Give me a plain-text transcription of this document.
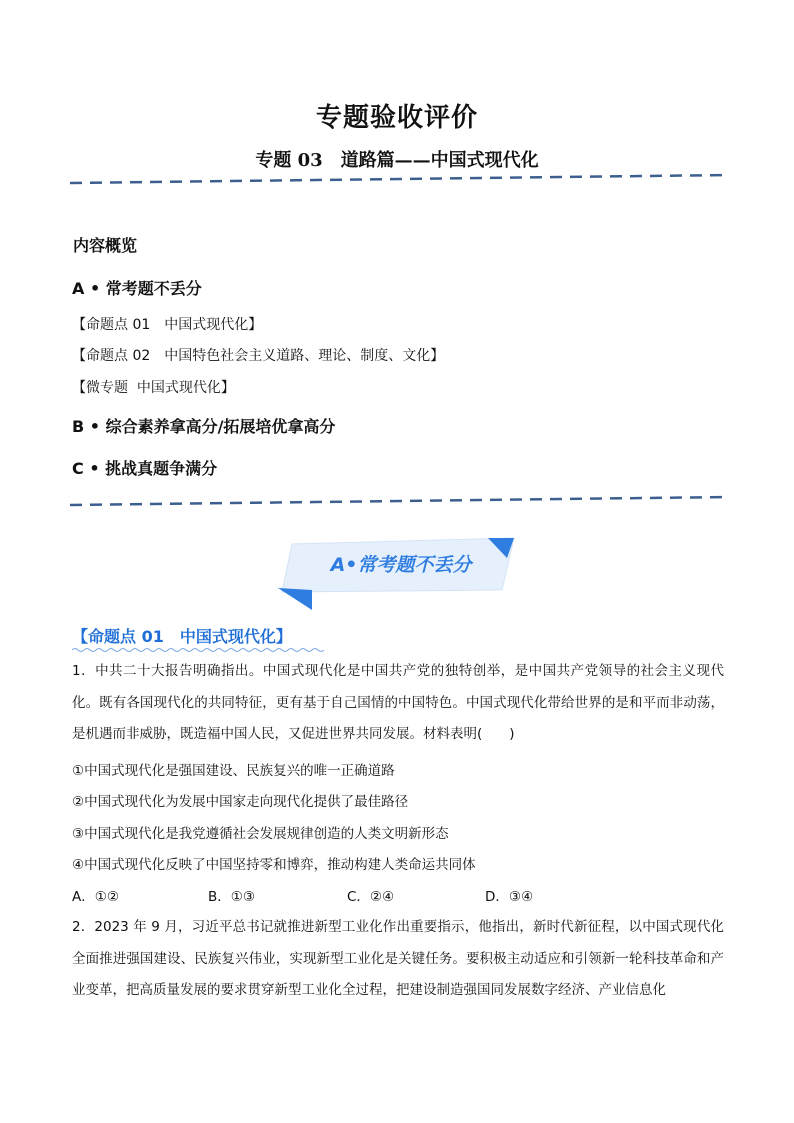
专题验收评价
专题 03　道路篇——中国式现代化
内容概览
A • 常考题不丢分
【命题点 01　中国式现代化】
【命题点 02　中国特色社会主义道路、理论、制度、文化】
【微专题  中国式现代化】
B • 综合素养拿高分/拓展培优拿高分
C • 挑战真题争满分
A•常考题不丢分
【命题点 01　中国式现代化】
1．中共二十大报告明确指出。中国式现代化是中国共产党的独特创举，是中国共产党领导的社会主义现代化。既有各国现代化的共同特征，更有基于自己国情的中国特色。中国式现代化带给世界的是和平而非动荡，是机遇而非威胁，既造福中国人民，又促进世界共同发展。材料表明(　　)
①中国式现代化是强国建设、民族复兴的唯一正确道路
②中国式现代化为发展中国家走向现代化提供了最佳路径
③中国式现代化是我党遵循社会发展规律创造的人类文明新形态
④中国式现代化反映了中国坚持零和博弈，推动构建人类命运共同体
A．①②	B．①③	C．②④	D．③④
2．2023 年 9 月，习近平总书记就推进新型工业化作出重要指示，他指出，新时代新征程，以中国式现代化全面推进强国建设、民族复兴伟业，实现新型工业化是关键任务。要积极主动适应和引领新一轮科技革命和产业变革，把高质量发展的要求贯穿新型工业化全过程，把建设制造强国同发展数字经济、产业信息化
